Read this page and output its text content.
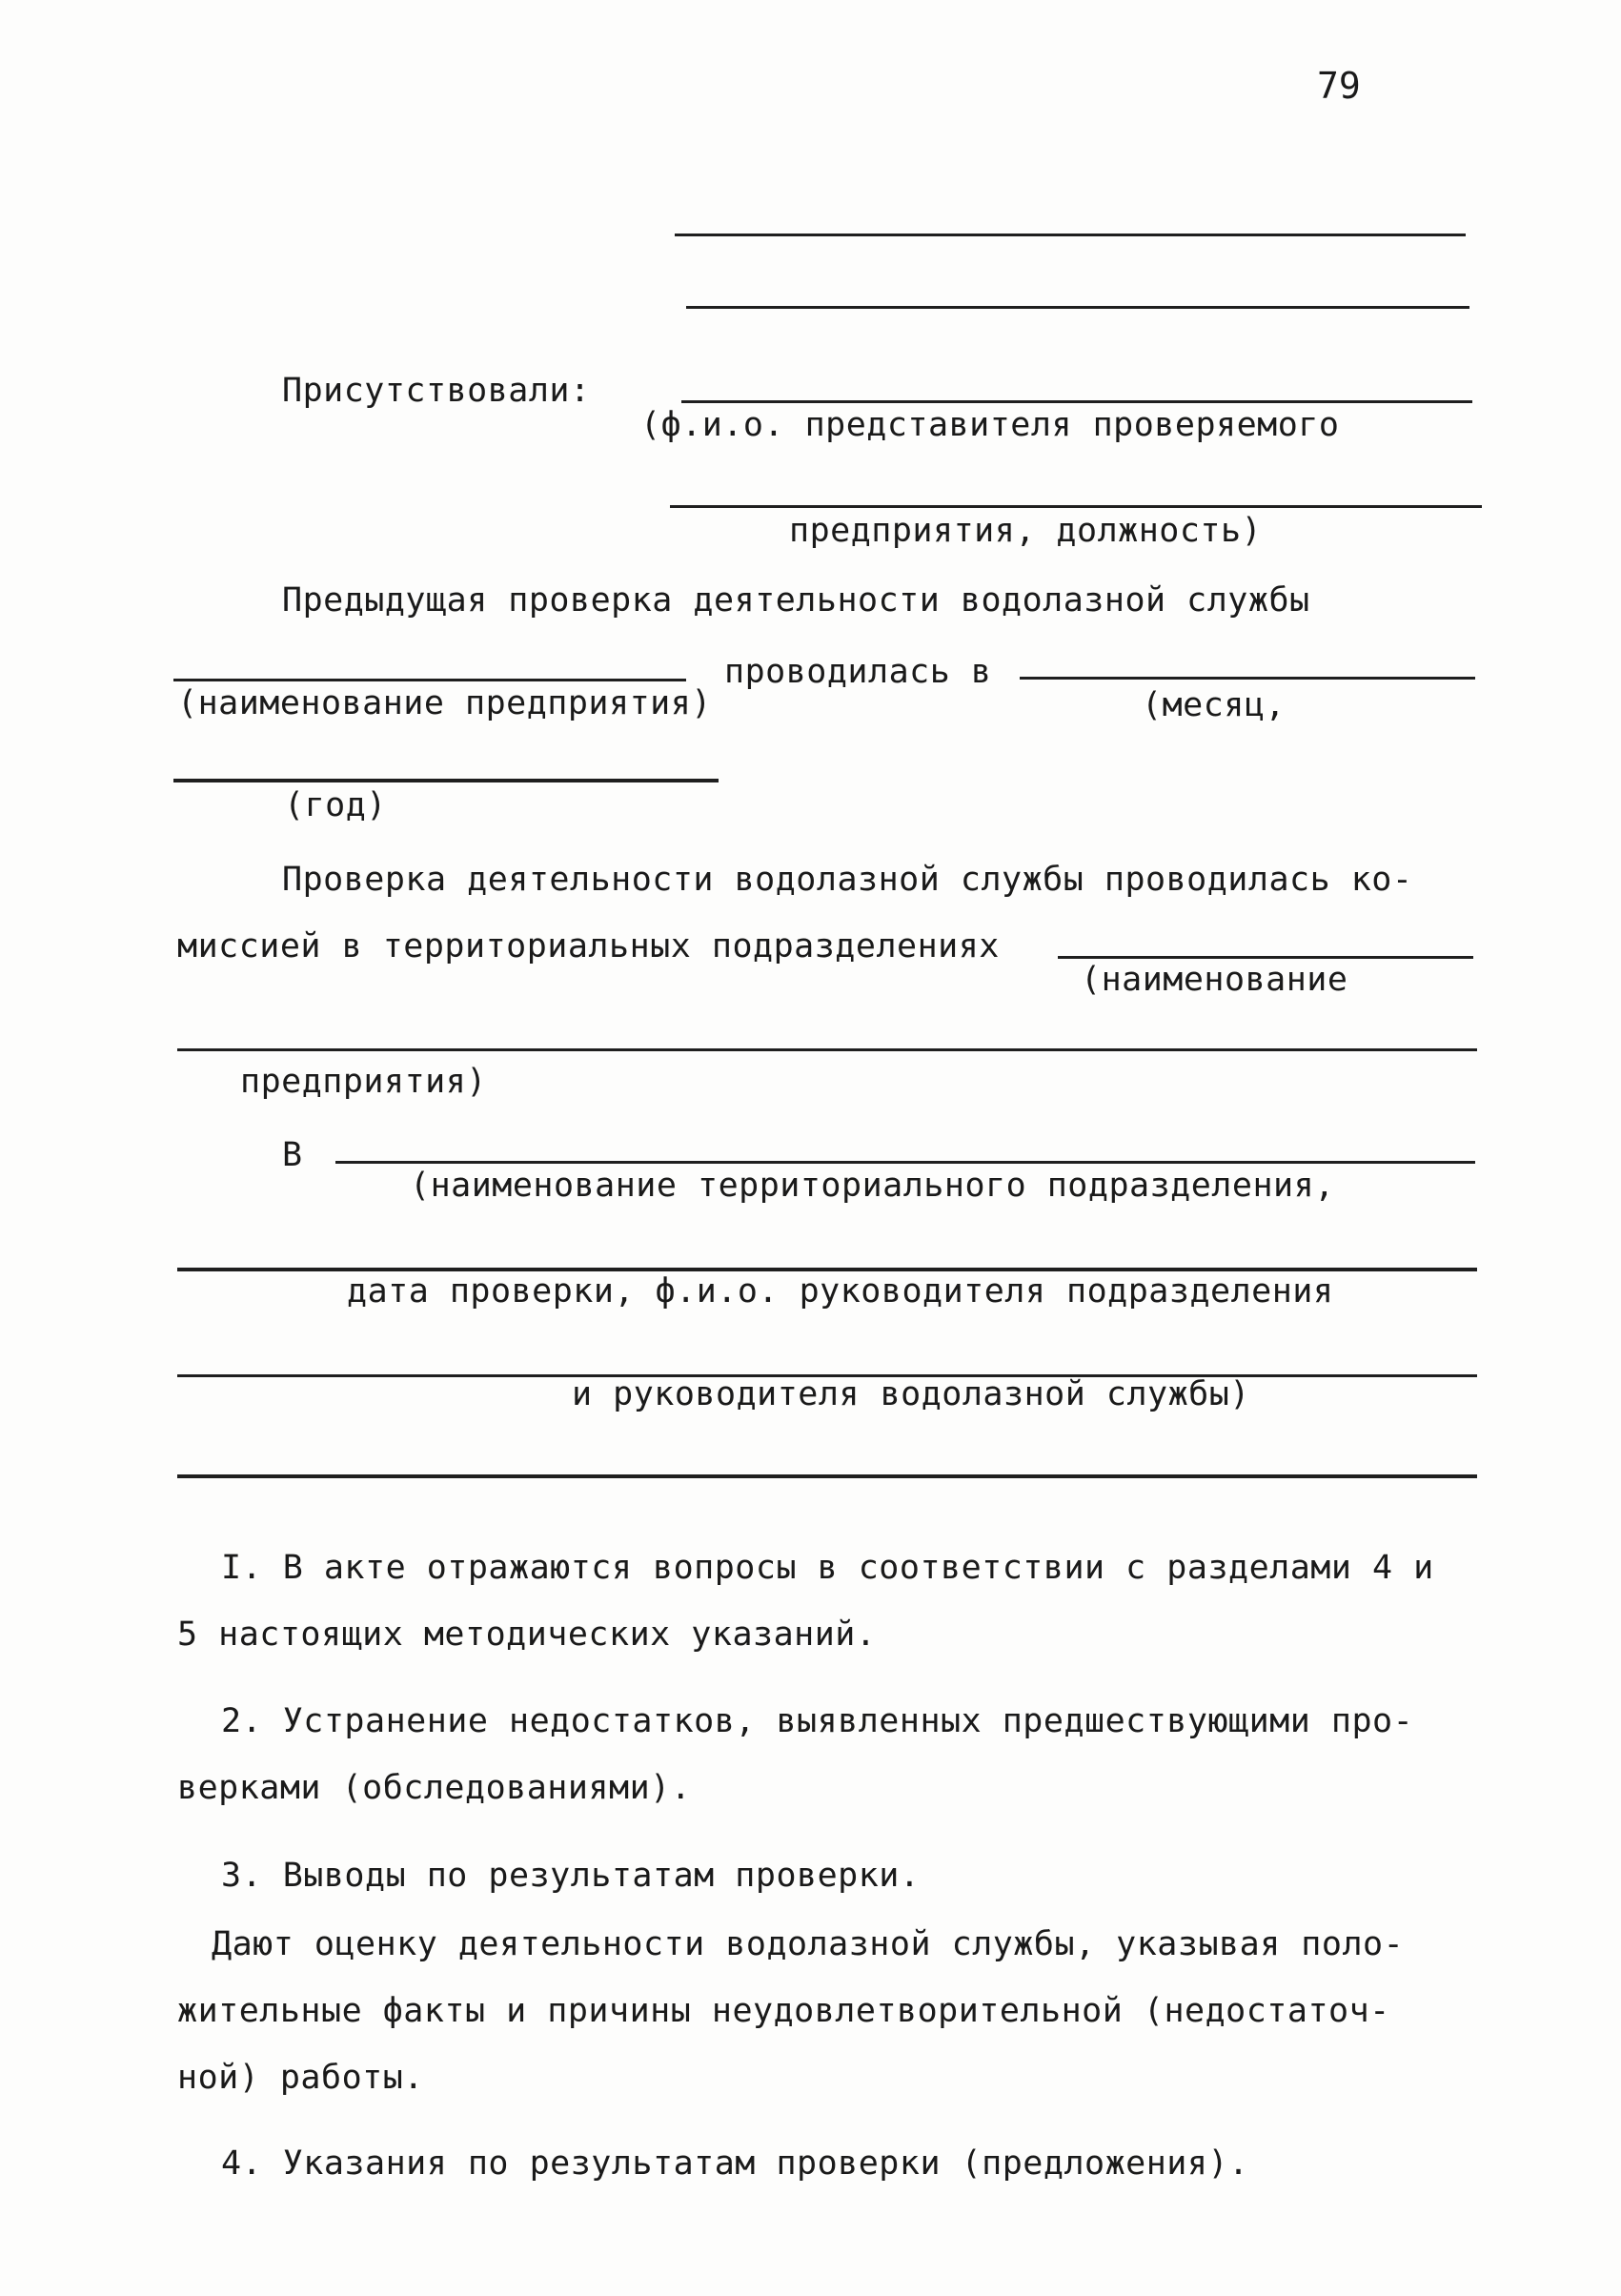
79
Присутствовали:
(ф.и.о. представителя проверяемого
предприятия, должность)
Предыдущая проверка деятельности водолазной службы
проводилась в
(наименование предприятия)	(месяц,
(год)
Проверка деятельности водолазной службы проводилась ко-
миссией в территориальных подразделениях
(наименование
предприятия)
В
(наименование территориального подразделения,
дата проверки, ф.и.о. руководителя подразделения
и руководителя водолазной службы)
I. В акте отражаются вопросы в соответствии с разделами 4 и
5 настоящих методических указаний.
2. Устранение недостатков, выявленных предшествующими про-
верками (обследованиями).
3. Выводы по результатам проверки.
Дают оценку деятельности водолазной службы, указывая поло-
жительные факты и причины неудовлетворительной (недостаточ-
ной) работы.
4. Указания по результатам проверки (предложения).
